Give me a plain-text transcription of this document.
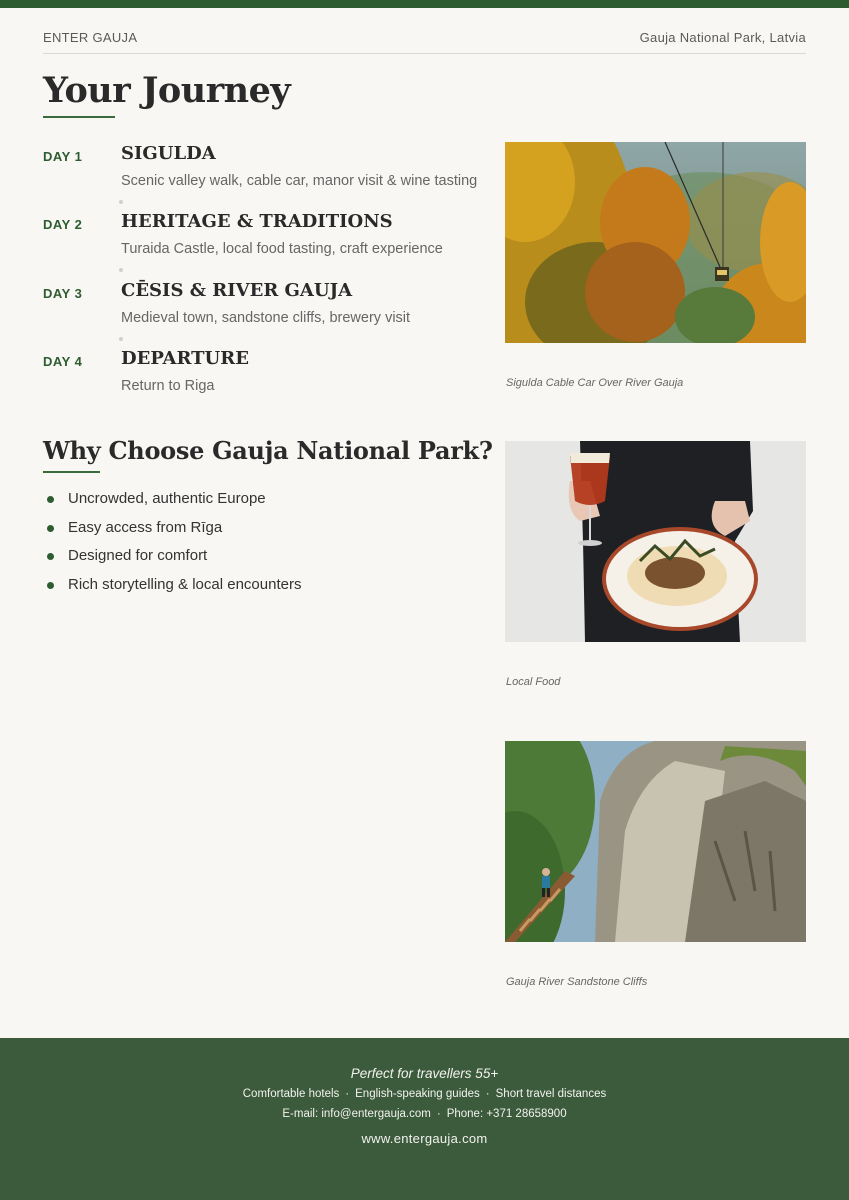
ENTER GAUJA	Gauja National Park, Latvia
Your Journey
DAY 1 SIGULDA
Scenic valley walk, cable car, manor visit & wine tasting
DAY 2 HERITAGE & TRADITIONS
Turaida Castle, local food tasting, craft experience
DAY 3 CĒSIS & RIVER GAUJA
Medieval town, sandstone cliffs, brewery visit
DAY 4 DEPARTURE
Return to Riga
Why Choose Gauja National Park?
Uncrowded, authentic Europe
Easy access from Rīga
Designed for comfort
Rich storytelling & local encounters
Sigulda Cable Car Over River Gauja
Local Food
Gauja River Sandstone Cliffs
Perfect for travellers 55+
Comfortable hotels · English-speaking guides · Short travel distances
E-mail: info@entergauja.com · Phone: +371 28658900
www.entergauja.com
